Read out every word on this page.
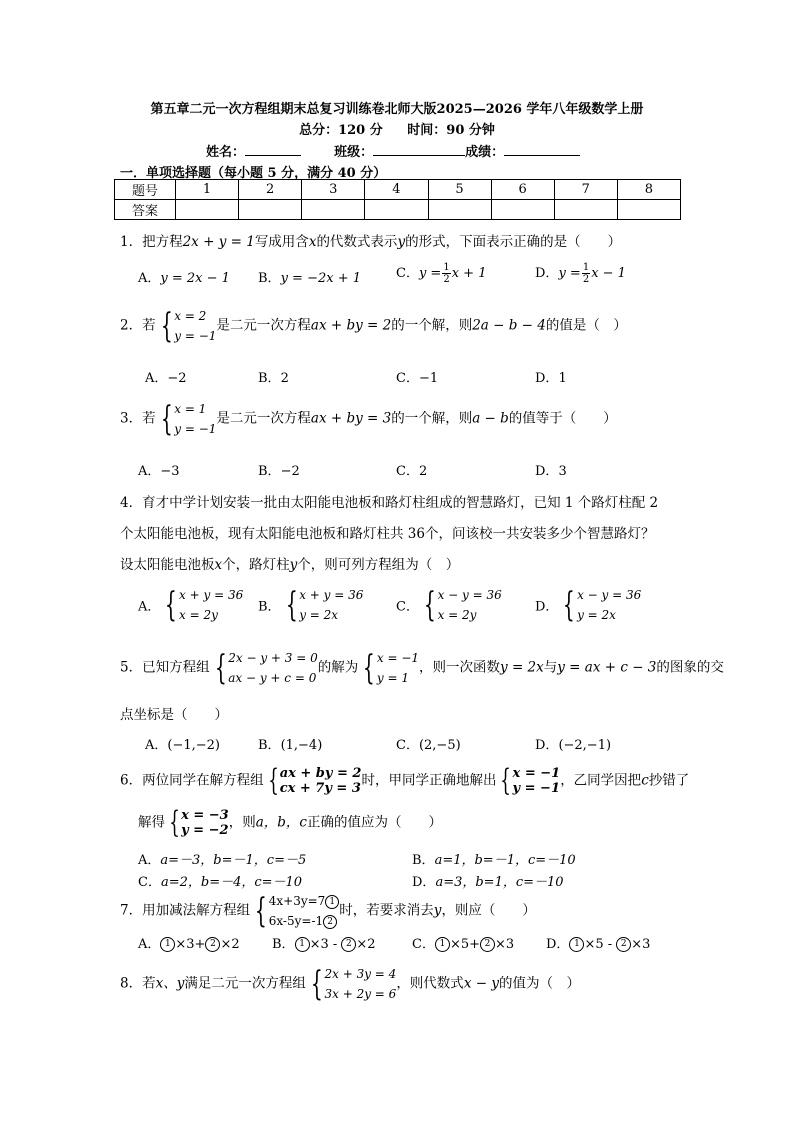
第五章二元一次方程组期末总复习训练卷北师大版2025—2026 学年八年级数学上册
总分：120 分 时间：90 分钟
姓名：	班级：	成绩：
一．单项选择题（每小题 5 分，满分 40 分）
题号	1	2	3	4	5	6	7	8
答案								
1．把方程2x + y = 1写成用含x的代数式表示y的形式，下面表示正确的是（　　）
A．y = 2x − 1 B．y = −2x + 1	C．$y = \frac{1}{2}$ x + 1	D．$y = \frac{1}{2}$ x − 1
2．若 { x = 2
y = −1
是二元一次方程ax + by = 2的一个解，则2a − b − 4的值是（　）
A．−2	B．2	C．−1	D．1
3．若 { x = 1
y = −1
是二元一次方程ax + by = 3的一个解，则a − b的值等于（　　）
A．−3	B．−2	C．2	D．3
4．育才中学计划安装一批由太阳能电池板和路灯柱组成的智慧路灯，已知 1 个路灯柱配 2
个太阳能电池板，现有太阳能电池板和路灯柱共 36个，问该校一共安装多少个智慧路灯？
设太阳能电池板x个，路灯柱y个，则可列方程组为（　）
A． { x + y = 36
x = 2y
B． { x + y = 36
y = 2x
C． { x − y = 36
x = 2y
D． { x − y = 36
y = 2x
5．已知方程组 { 2x − y + 3 = 0
ax − y + c = 0
的解为 { x = −1
y = 1
，则一次函数y = 2x与y = ax + c − 3的图象的交
点坐标是（　　）
A．(−1,−2)	B．(1,−4)	C．(2,−5)	D．(−2,−1)
6．两位同学在解方程组 { ax + by = 2
cx + 7y = 3 时，甲同学正确地解出 { x = −1
y = −1 ，乙同学因把c抄错了
解得 { x = −3
y = −2 ，则a，b，c正确的值应为（　　）
A．a=－3，b=－1，c=－5	B．a=1，b=－1，c=－10
C．a=2，b=－4，c=－10	D．a=3，b=1，c=－10
7．用加减法解方程组 { 4x+3y=7 1
6x-5y=-1 2
时，若要求消去y，则应（　　）
A． 1 ×3+ 2 ×2 B． 1 ×3 - 2 ×2	C． 1 ×5+ 2 ×3 D． 1 ×5 - 2 ×3
8．若x、y满足二元一次方程组 { 2x + 3y = 4
3x + 2y = 6
，则代数式x − y的值为（　）
